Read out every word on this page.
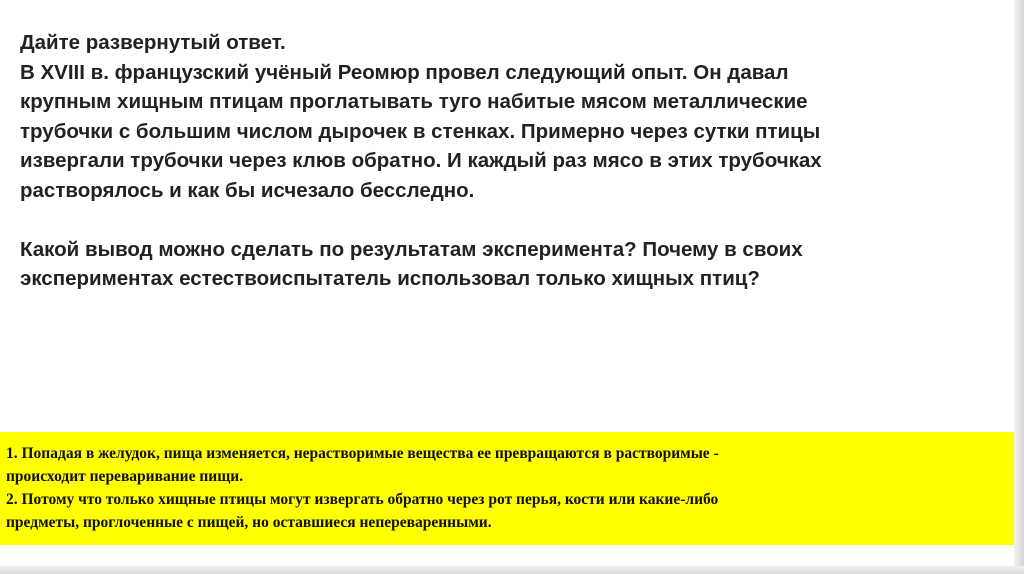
Дайте развернутый ответ.

В XVIII в. французский учёный Реомюр провел следующий опыт. Он давал

крупным хищным птицам проглатывать туго набитые мясом металлические

трубочки с большим числом дырочек в стенках. Примерно через сутки птицы

извергали трубочки через клюв обратно. И каждый раз мясо в этих трубочках

растворялось и как бы исчезало бесследно.

Какой вывод можно сделать по результатам эксперимента? Почему в своих

экспериментах естествоиспытатель использовал только хищных птиц?

1. Попадая в желудок, пища изменяется, нерастворимые вещества ее превращаются в растворимые -

происходит переваривание пищи.

2. Потому что только хищные птицы могут извергать обратно через рот перья, кости или какие-либо

предметы, проглоченные с пищей, но оставшиеся непереваренными.
